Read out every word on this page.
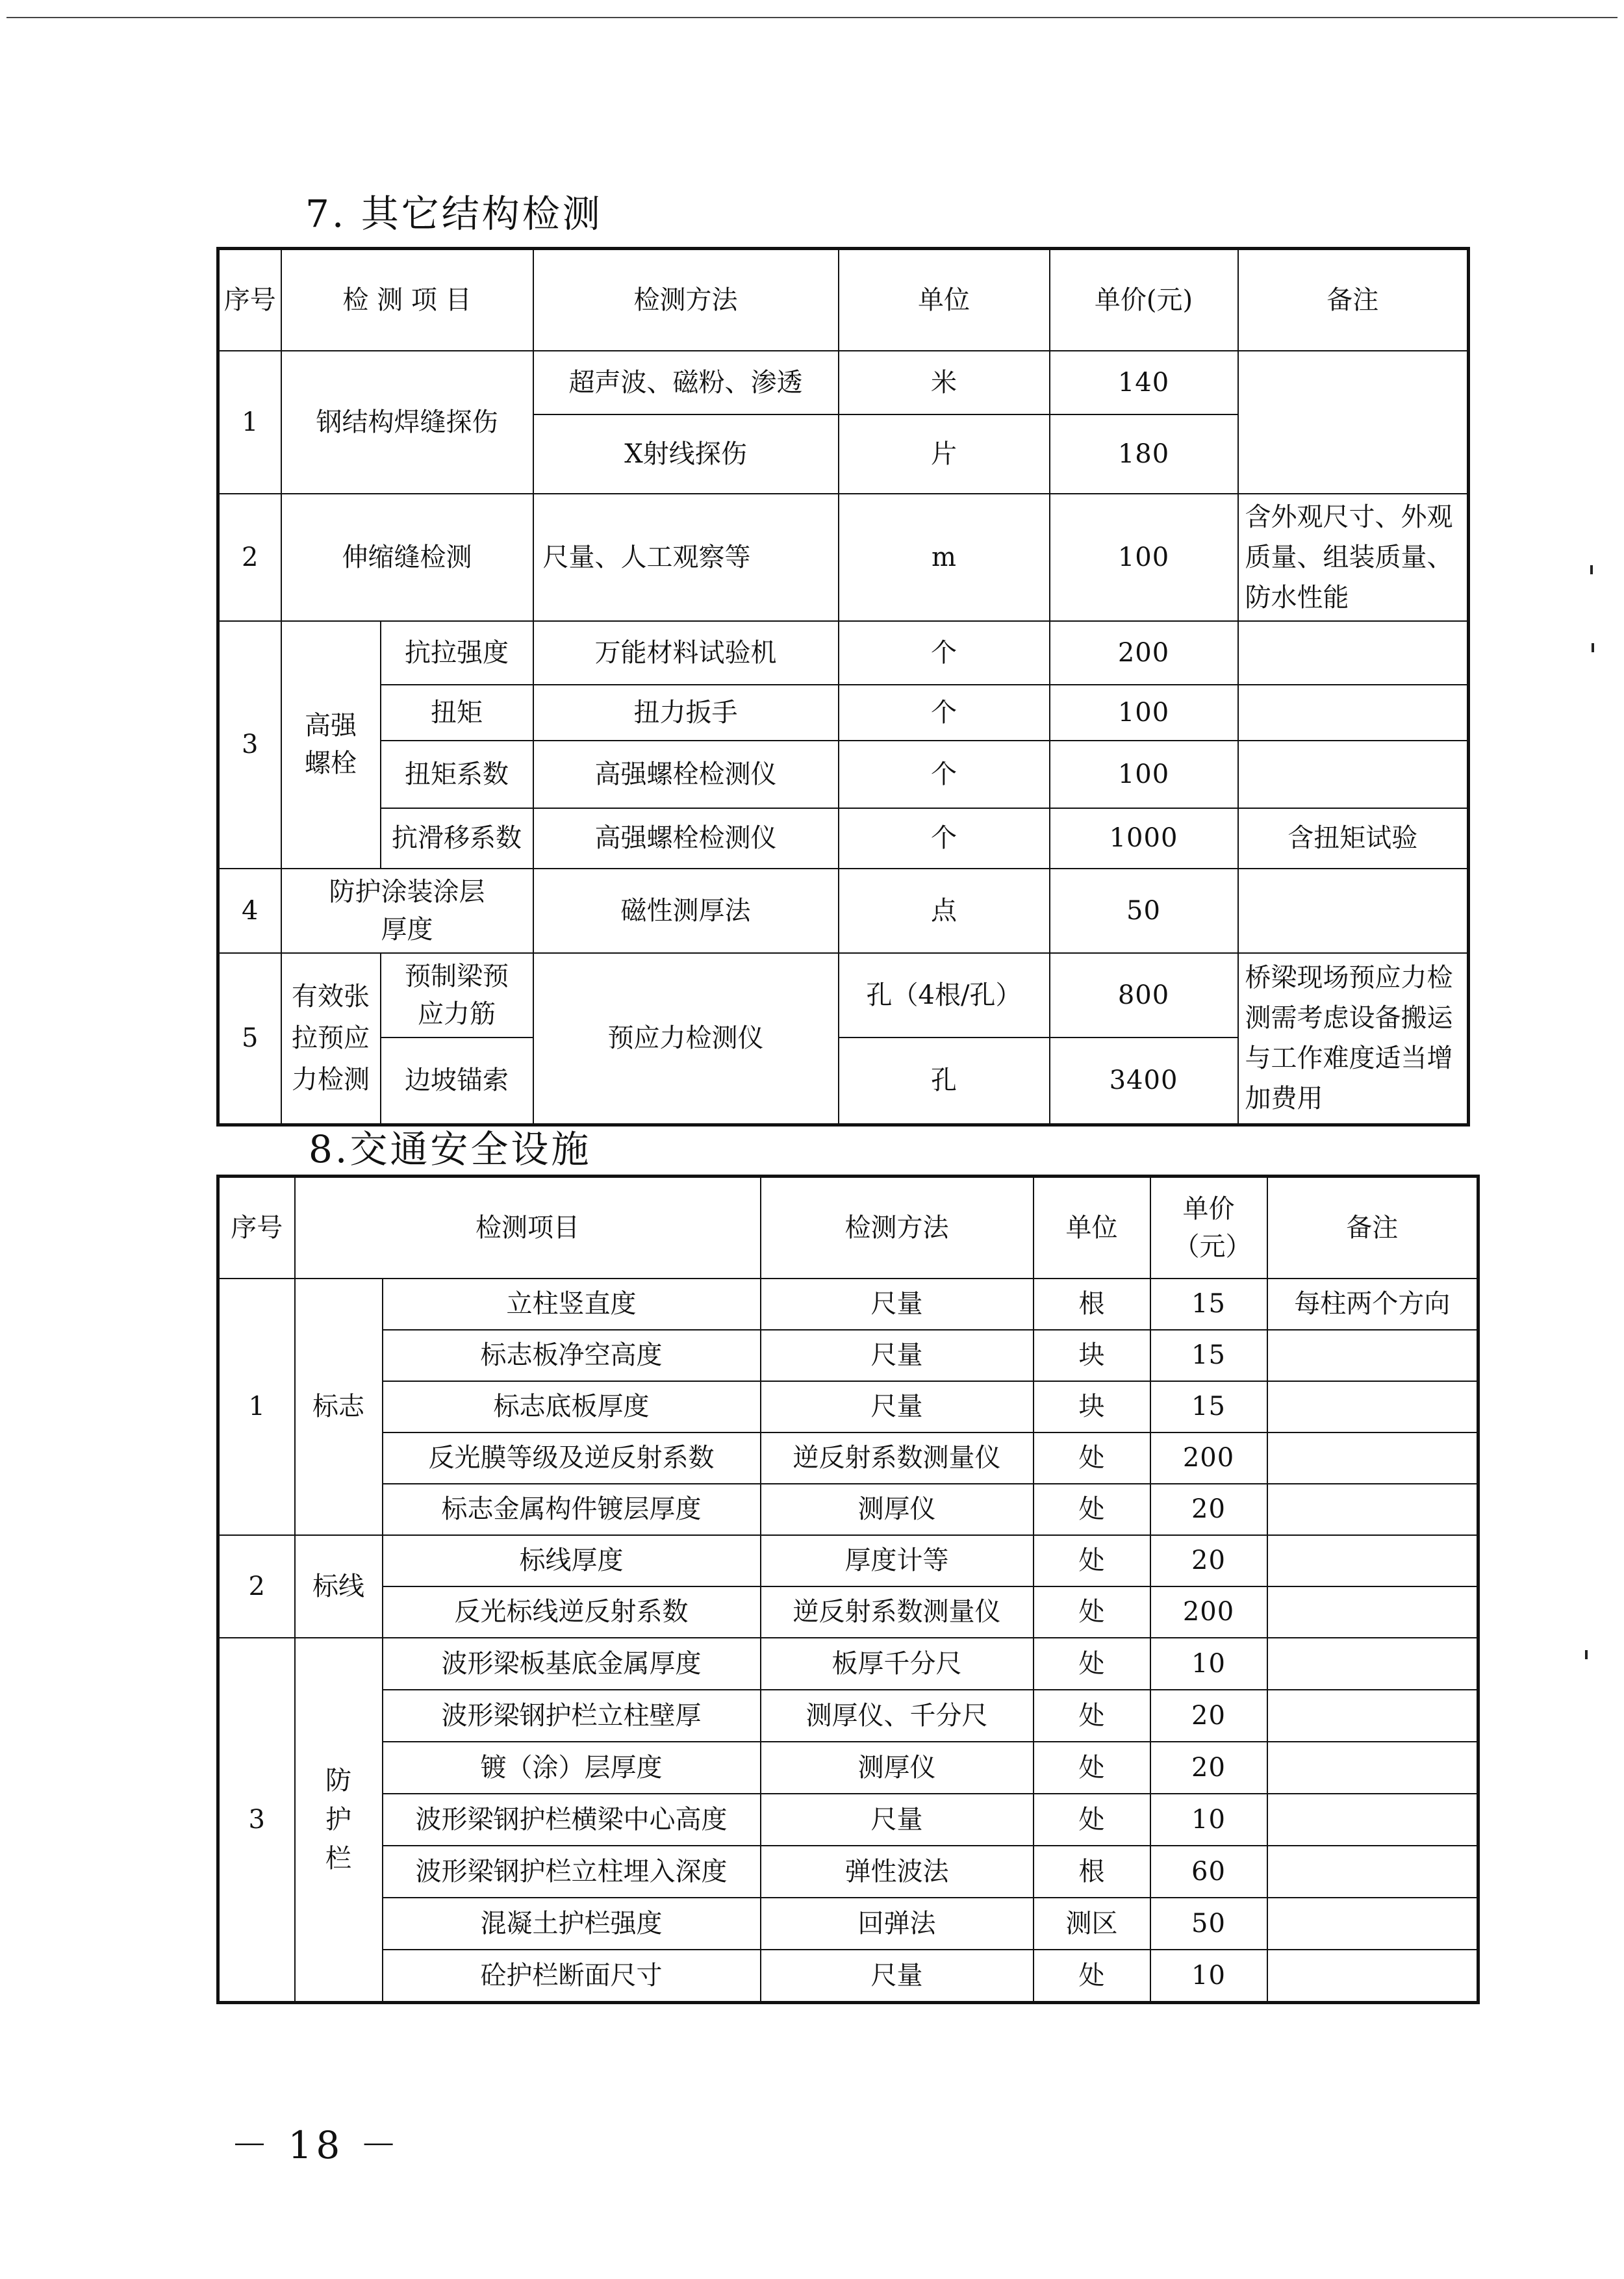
7. 其它结构检测
序号	检 测 项 目		检测方法	单位	单价(元)	备注
1	钢结构焊缝探伤		超声波、磁粉、渗透	米	140	
			X射线探伤	片	180	
2	伸缩缝检测		尺量、人工观察等	m	100	含外观尺寸、外观质量、组装质量、防水性能
3	高强螺栓	抗拉强度	万能材料试验机	个	200	
		扭矩	扭力扳手	个	100	
		扭矩系数	高强螺栓检测仪	个	100	
		抗滑移系数	高强螺栓检测仪	个	1000	含扭矩试验
4	防护涂装涂层厚度		磁性测厚法	点	50	
5	有效张拉预应力检测	预制梁预应力筋	预应力检测仪	孔（4根/孔）	800	桥梁现场预应力检测需考虑设备搬运与工作难度适当增加费用
		边坡锚索		孔	3400	
8.交通安全设施
序号	检测项目		检测方法	单位	单价（元）	备注
1	标志	立柱竖直度	尺量	根	15	每柱两个方向
		标志板净空高度	尺量	块	15	
		标志底板厚度	尺量	块	15	
		反光膜等级及逆反射系数	逆反射系数测量仪	处	200	
		标志金属构件镀层厚度	测厚仪	处	20	
2	标线	标线厚度	厚度计等	处	20	
		反光标线逆反射系数	逆反射系数测量仪	处	200	
3	防护栏	波形梁板基底金属厚度	板厚千分尺	处	10	
		波形梁钢护栏立柱壁厚	测厚仪、千分尺	处	20	
		镀（涂）层厚度	测厚仪	处	20	
		波形梁钢护栏横梁中心高度	尺量	处	10	
		波形梁钢护栏立柱埋入深度	弹性波法	根	60	
		混凝土护栏强度	回弹法	测区	50	
		砼护栏断面尺寸	尺量	处	10	
－ 18 －
